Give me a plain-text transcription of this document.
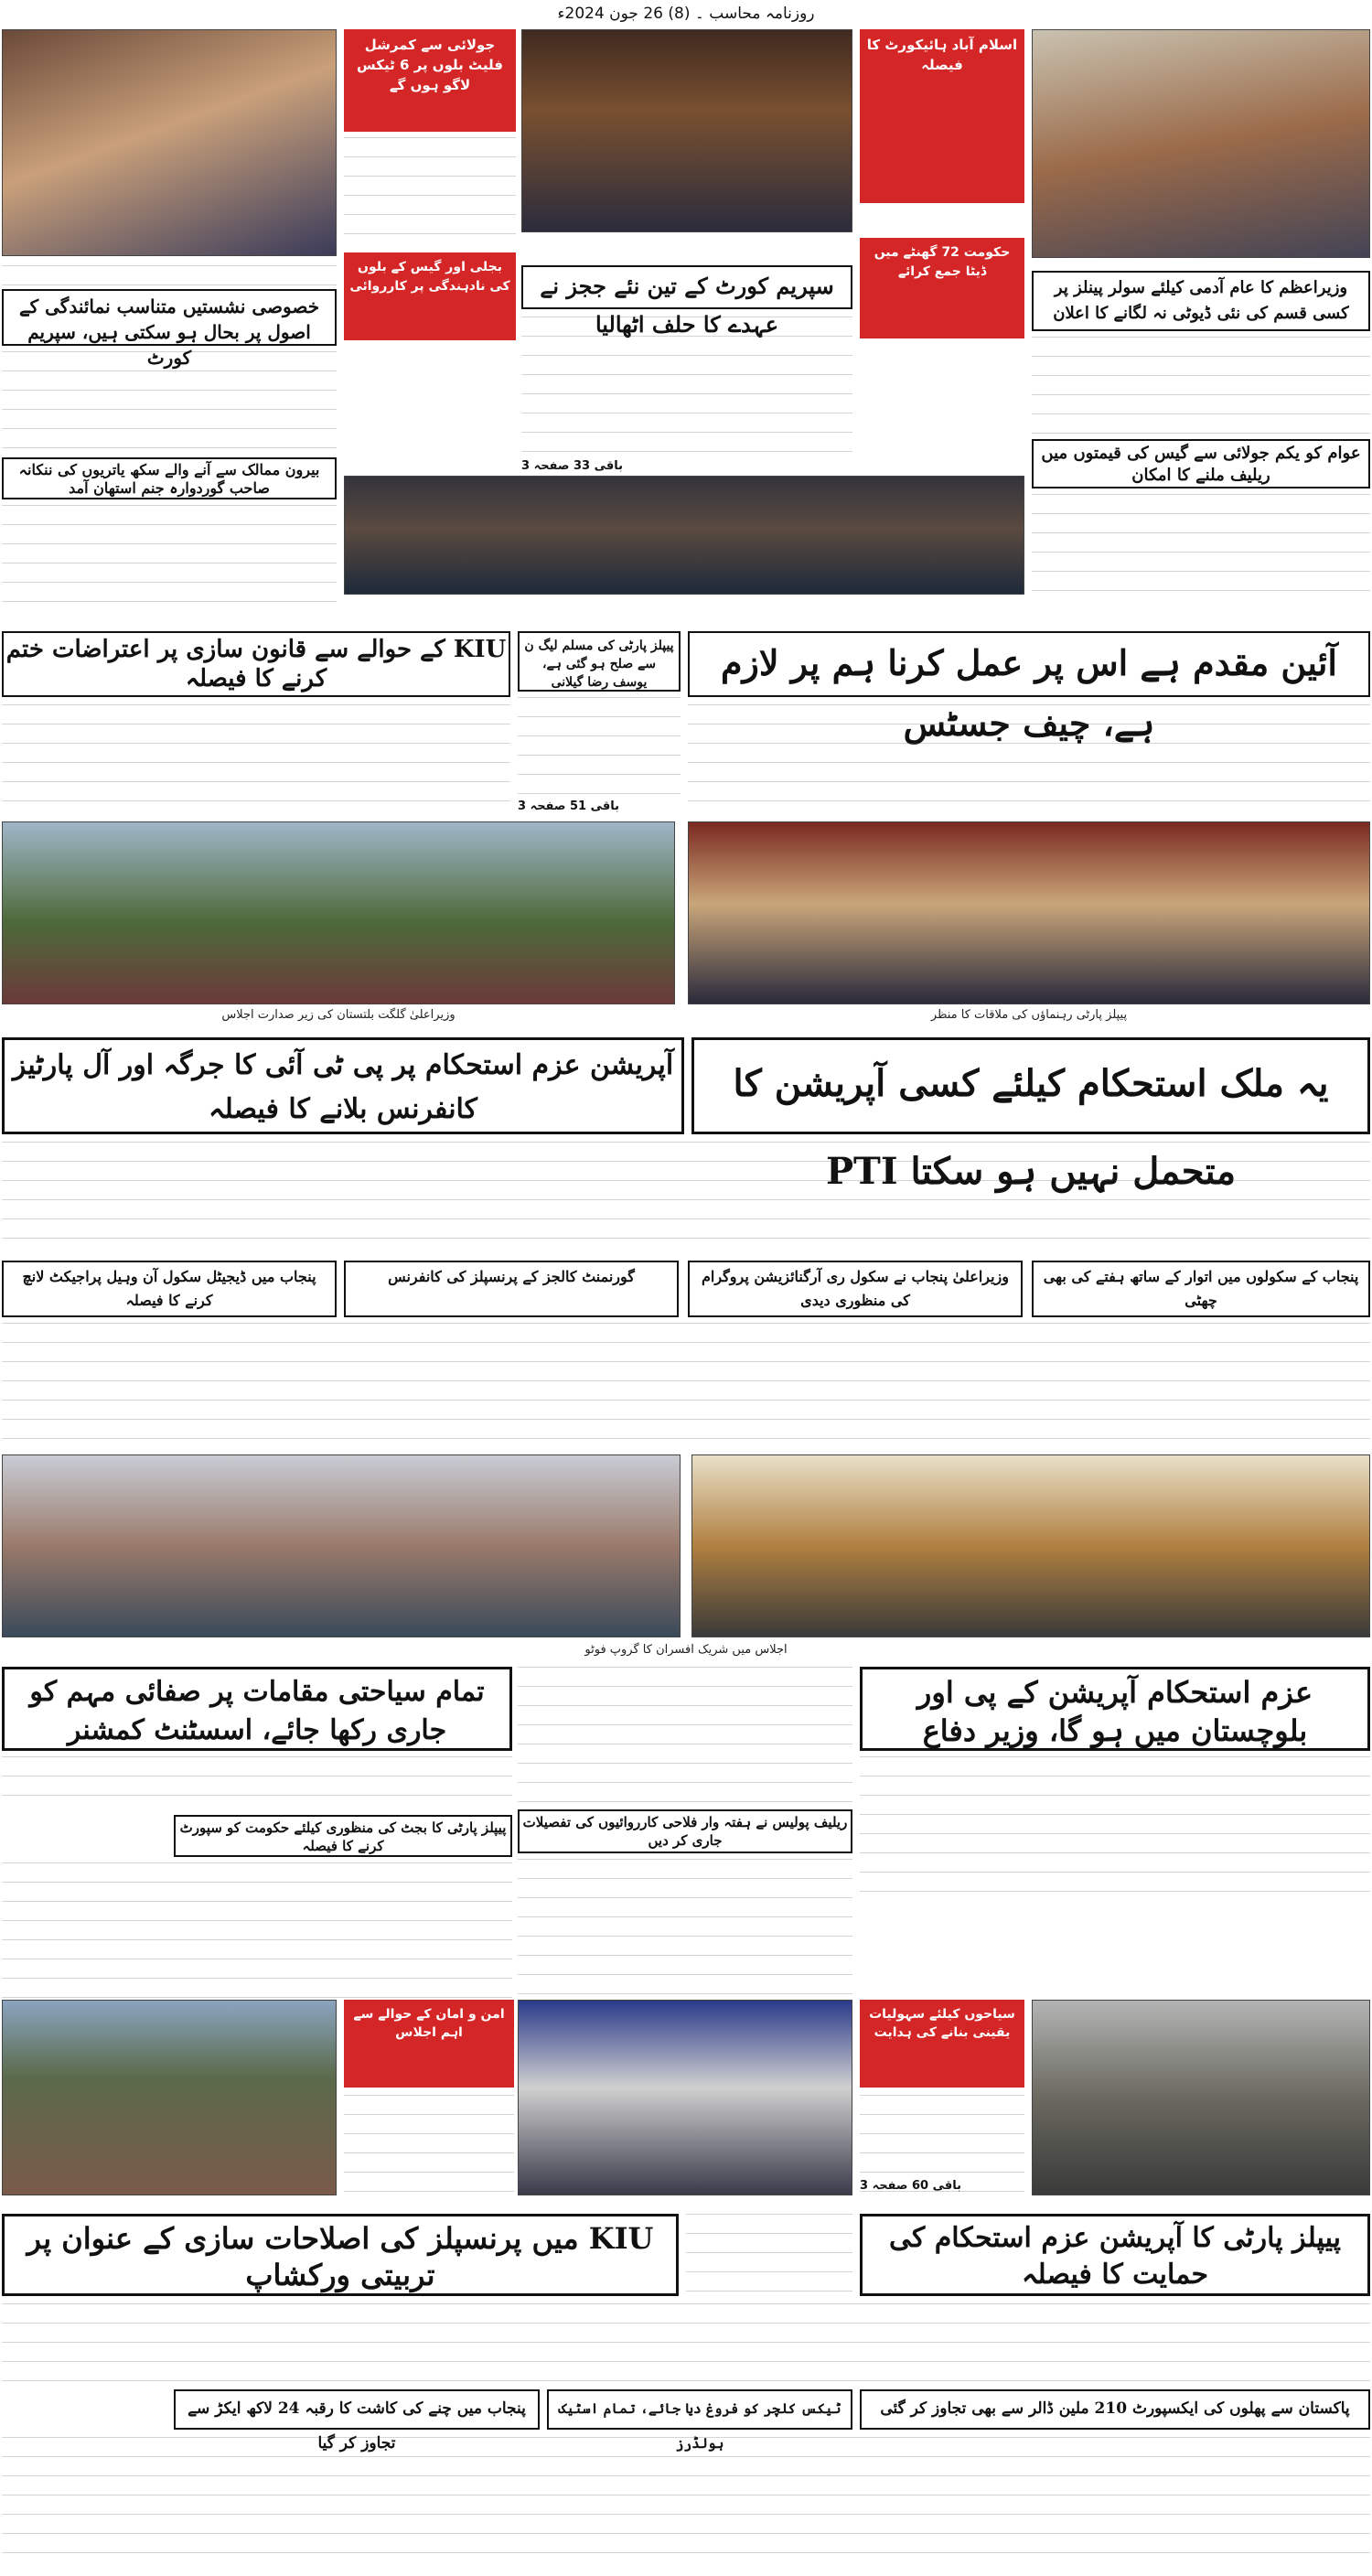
روزنامہ محاسب ۔ (8) 26 جون 2024ء
جولائی سے کمرشل فلیٹ بلوں پر 6 ٹیکس لاگو ہوں گے
بجلی اور گیس کے بلوں کی نادہندگی پر کارروائی
اسلام آباد ہائیکورٹ کا فیصلہ
حکومت 72 گھنٹے میں ڈیٹا جمع کرائے
خصوصی نشستیں متناسب نمائندگی کے اصول پر بحال ہو سکتی ہیں، سپریم کورٹ
بیرون ممالک سے آنے والے سکھ یاتریوں کی ننکانہ صاحب گوردوارہ جنم استھان آمد
سپریم کورٹ کے تین نئے ججز نے عہدے کا حلف اٹھالیا
باقی 33 صفحہ 3
وزیراعظم کا عام آدمی کیلئے سولر پینلز پر کسی قسم کی نئی ڈیوٹی نہ لگانے کا اعلان
عوام کو یکم جولائی سے گیس کی قیمتوں میں ریلیف ملنے کا امکان
آئین مقدم ہے اس پر عمل کرنا ہم پر لازم ہے، چیف جسٹس
پیپلز پارٹی کی مسلم لیگ ن سے صلح ہو گئی ہے، یوسف رضا گیلانی
KIU کے حوالے سے قانون سازی پر اعتراضات ختم کرنے کا فیصلہ
باقی 51 صفحہ 3
وزیراعلیٰ گلگت بلتستان کی زیر صدارت اجلاس	پیپلز پارٹی رہنماؤں کی ملاقات کا منظر
یہ ملک استحکام کیلئے کسی آپریشن کا متحمل نہیں ہو سکتا PTI
آپریشن عزم استحکام پر پی ٹی آئی کا جرگہ اور آل پارٹیز کانفرنس بلانے کا فیصلہ
پنجاب کے سکولوں میں اتوار کے ساتھ ہفتے کی بھی چھٹی
وزیراعلیٰ پنجاب نے سکول ری آرگنائزیشن پروگرام کی منظوری دیدی
گورنمنٹ کالجز کے پرنسپلز کی کانفرنس
پنجاب میں ڈیجیٹل سکول آن وہیل پراجیکٹ لانچ کرنے کا فیصلہ
اجلاس میں شریک افسران کا گروپ فوٹو
عزم استحکام آپریشن کے پی اور بلوچستان میں ہو گا، وزیر دفاع
تمام سیاحتی مقامات پر صفائی مہم کو جاری رکھا جائے، اسسٹنٹ کمشنر
پیپلز پارٹی کا بجٹ کی منظوری کیلئے حکومت کو سپورٹ کرنے کا فیصلہ
ریلیف پولیس نے ہفتہ وار فلاحی کارروائیوں کی تفصیلات جاری کر دیں
امن و امان کے حوالے سے اہم اجلاس
سیاحوں کیلئے سہولیات یقینی بنانے کی ہدایت
باقی 60 صفحہ 3
KIU میں پرنسپلز کی اصلاحات سازی کے عنوان پر تربیتی ورکشاپ
پیپلز پارٹی کا آپریشن عزم استحکام کی حمایت کا فیصلہ
پنجاب میں چنے کی کاشت کا رقبہ 24 لاکھ ایکڑ سے تجاوز کر گیا
ٹیکس کلچر کو فروغ دیا جائے، تمام اسٹیک ہولڈرز
پاکستان سے پھلوں کی ایکسپورٹ 210 ملین ڈالر سے بھی تجاوز کر گئی
